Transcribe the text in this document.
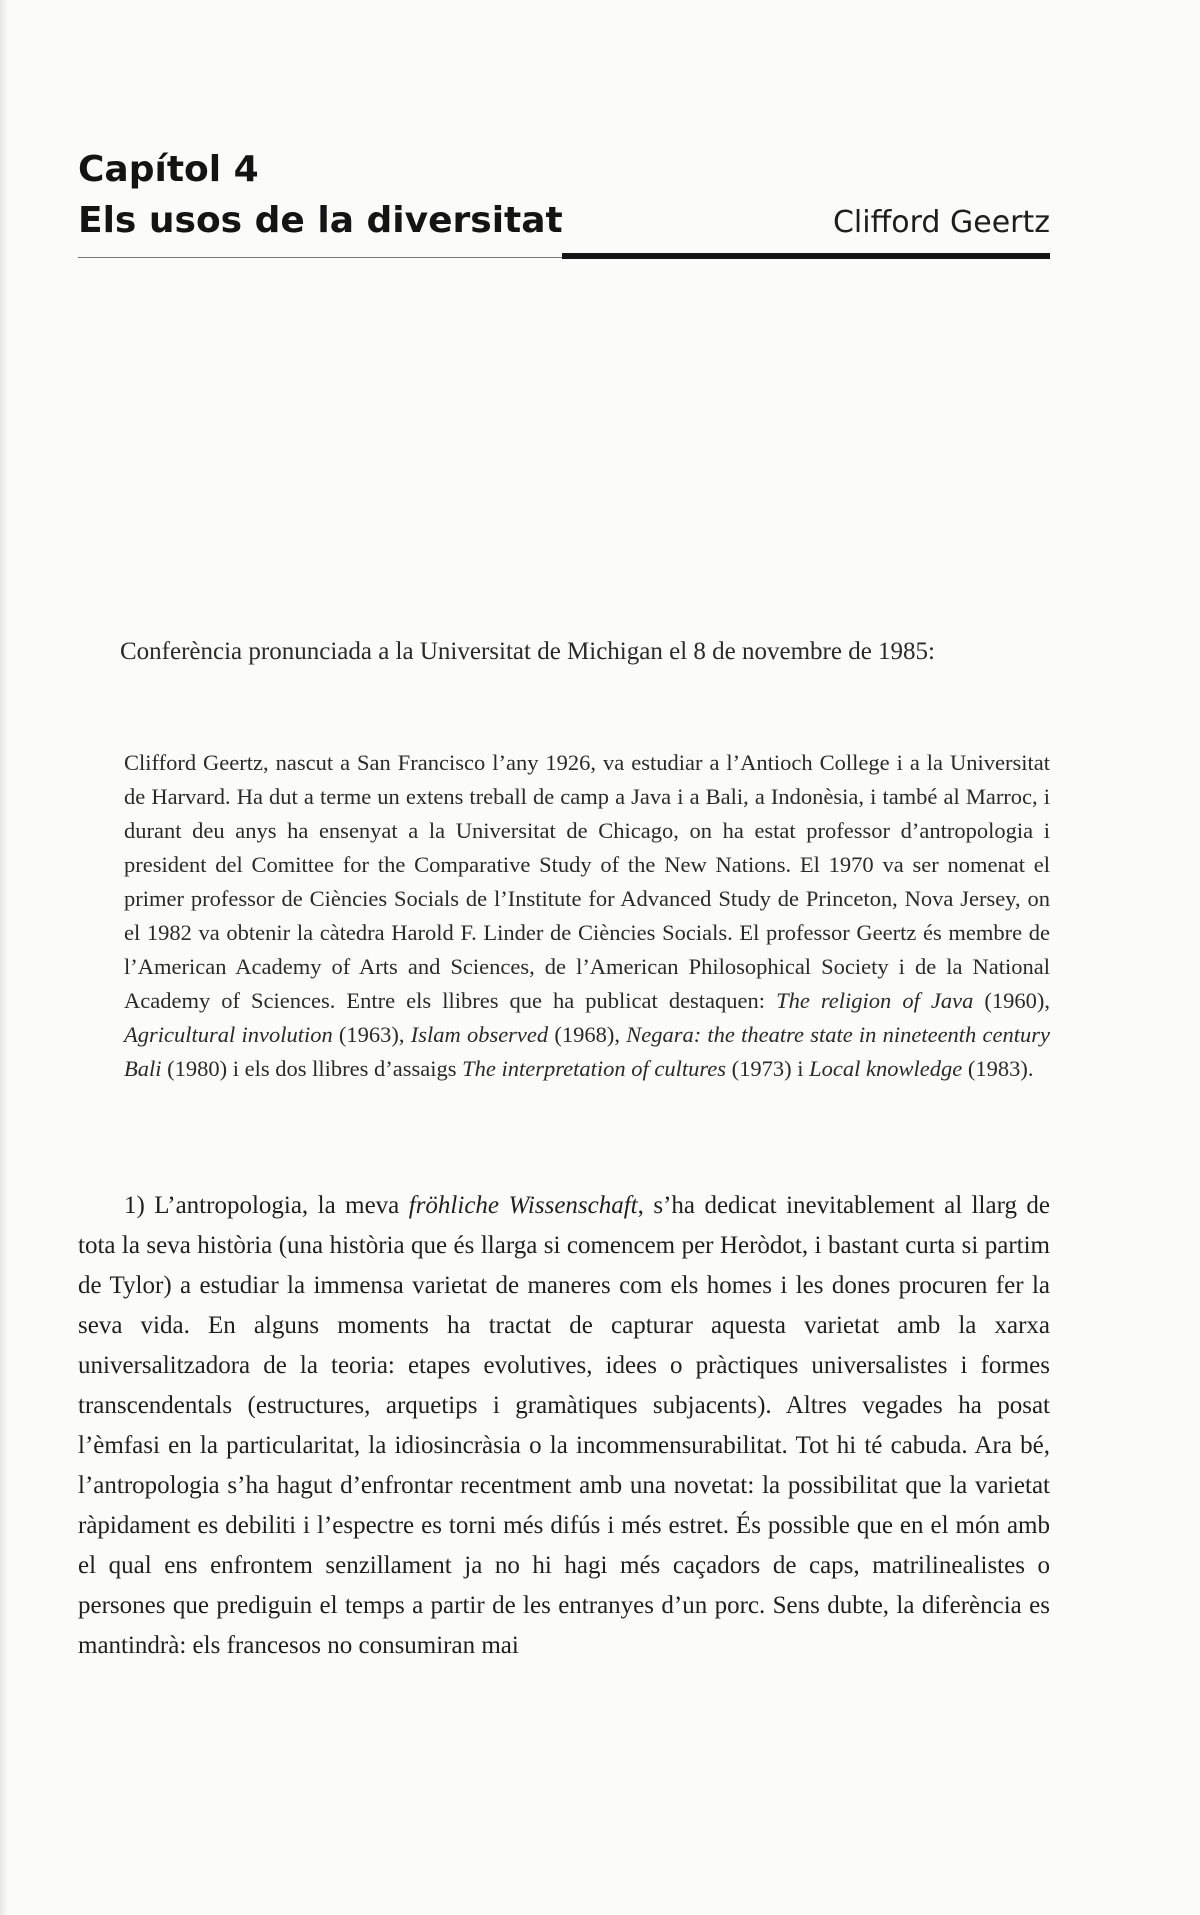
Capítol 4
Els usos de la diversitat	Clifford Geertz

Conferència pronunciada a la Universitat de Michigan el 8 de novembre de 1985:

Clifford Geertz, nascut a San Francisco l’any 1926, va estudiar a l’Antioch College i a la Universitat de Harvard. Ha dut a terme un extens treball de camp a Java i a Bali, a Indonèsia, i també al Marroc, i durant deu anys ha ensenyat a la Universitat de Chicago, on ha estat professor d’antropologia i president del Comittee for the Comparative Study of the New Nations. El 1970 va ser nomenat el primer professor de Ciències Socials de l’Institute for Advanced Study de Princeton, Nova Jersey, on el 1982 va obtenir la càtedra Harold F. Linder de Ciències Socials. El professor Geertz és membre de l’American Academy of Arts and Sciences, de l’American Philosophical Society i de la National Academy of Sciences. Entre els llibres que ha publicat destaquen: The religion of Java (1960), Agricultural involution (1963), Islam observed (1968), Negara: the theatre state in nineteenth century Bali (1980) i els dos llibres d’assaigs The interpretation of cultures (1973) i Local knowledge (1983).

1) L’antropologia, la meva fröhliche Wissenschaft, s’ha dedicat inevitablement al llarg de tota la seva història (una història que és llarga si comencem per Heròdot, i bastant curta si partim de Tylor) a estudiar la immensa varietat de maneres com els homes i les dones procuren fer la seva vida. En alguns moments ha tractat de capturar aquesta varietat amb la xarxa universalitzadora de la teoria: etapes evolutives, idees o pràctiques universalistes i formes transcendentals (estructures, arquetips i gramàtiques subjacents). Altres vegades ha posat l’èmfasi en la particularitat, la idiosincràsia o la incommensurabilitat. Tot hi té cabuda. Ara bé, l’antropologia s’ha hagut d’enfrontar recentment amb una novetat: la possibilitat que la varietat ràpidament es debiliti i l’espectre es torni més difús i més estret. És possible que en el món amb el qual ens enfrontem senzillament ja no hi hagi més caçadors de caps, matrilinealistes o persones que prediguin el temps a partir de les entranyes d’un porc. Sens dubte, la diferència es mantindrà: els francesos no consumiran mai
